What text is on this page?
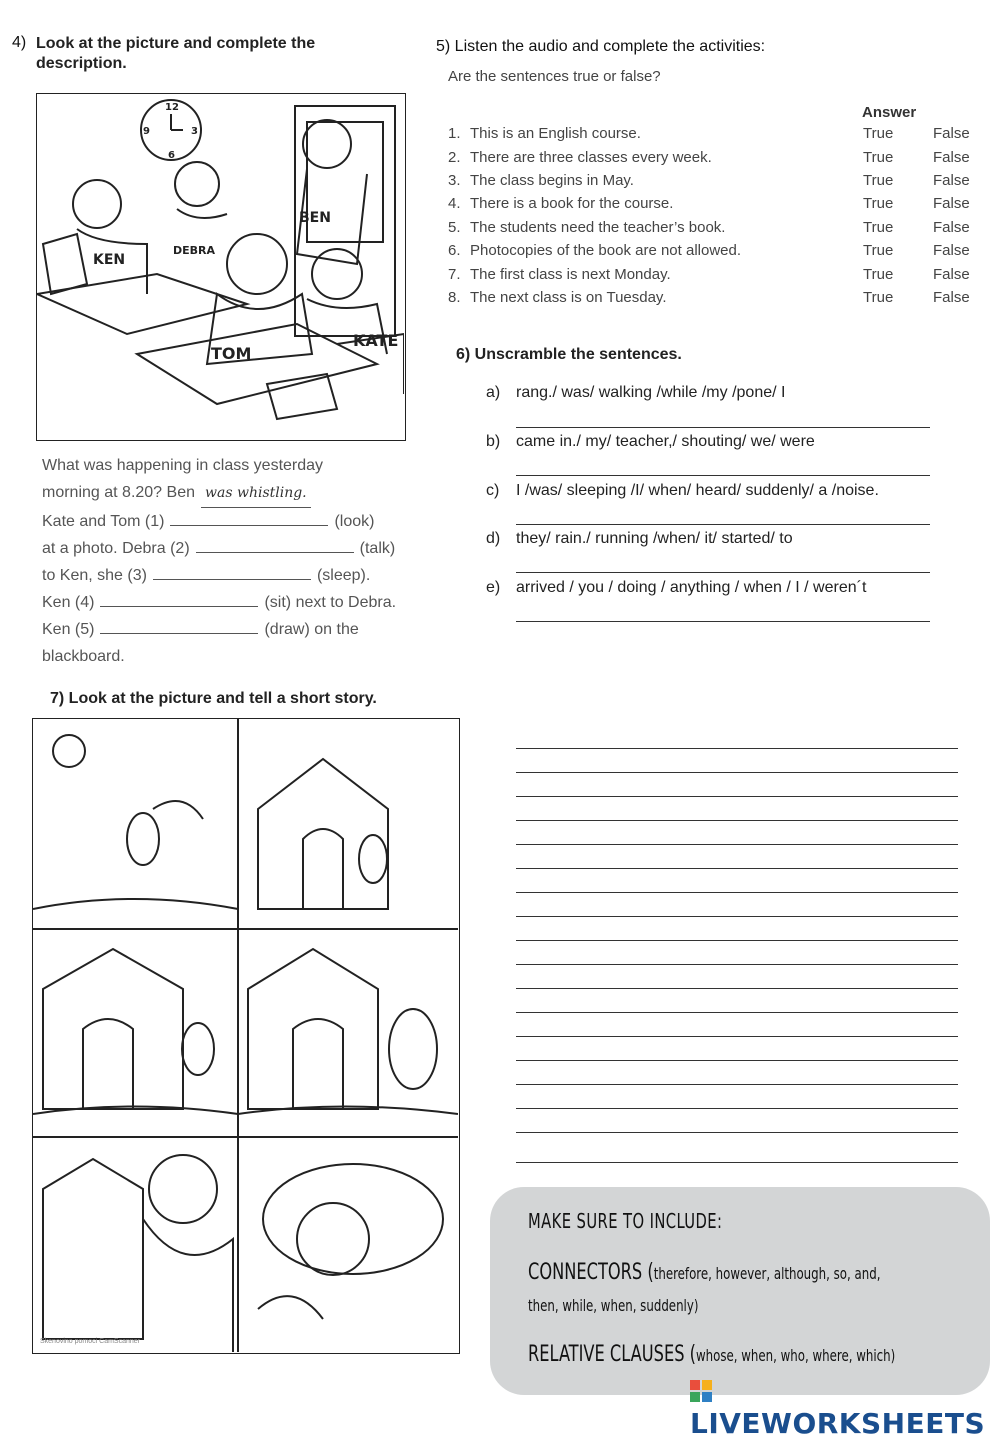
4) Look at the picture and complete the description.
KEN
DEBRA
BEN
TOM
KATE
12
3
6
9
What was happening in class yesterday
morning at 8.20? Ben was whistling.
Kate and Tom (1)	(look)
at a photo. Debra (2)	(talk)
to Ken, she (3)	(sleep).
Ken (4)	(sit) next to Debra.
Ken (5)	(draw) on the
blackboard.
5) Listen the audio and complete the activities:
Are the sentences true or false?
Answer
1. This is an English course.	True	False
2. There are three classes every week.	True	False
3. The class begins in May.	True	False
4. There is a book for the course.	True	False
5. The students need the teacher’s book.	True	False
6. Photocopies of the book are not allowed.	True	False
7. The first class is next Monday.	True	False
8. The next class is on Tuesday.	True	False
6) Unscramble the sentences.
a) rang./ was/ walking /while /my /pone/ I
b) came in./ my/ teacher,/ shouting/ we/ were
c) I /was/ sleeping /I/ when/ heard/ suddenly/ a /noise.
d) they/ rain./ running /when/ it/ started/ to
e) arrived / you / doing / anything / when / I / weren´t
7) Look at the picture and tell a short story.
Skenovino pomoci CamScanner
MAKE SURE TO INCLUDE:
CONNECTORS (therefore, however, although, so, and, then, while, when, suddenly)
RELATIVE CLAUSES (whose, when, who, where, which)
LIVEWORKSHEETS
